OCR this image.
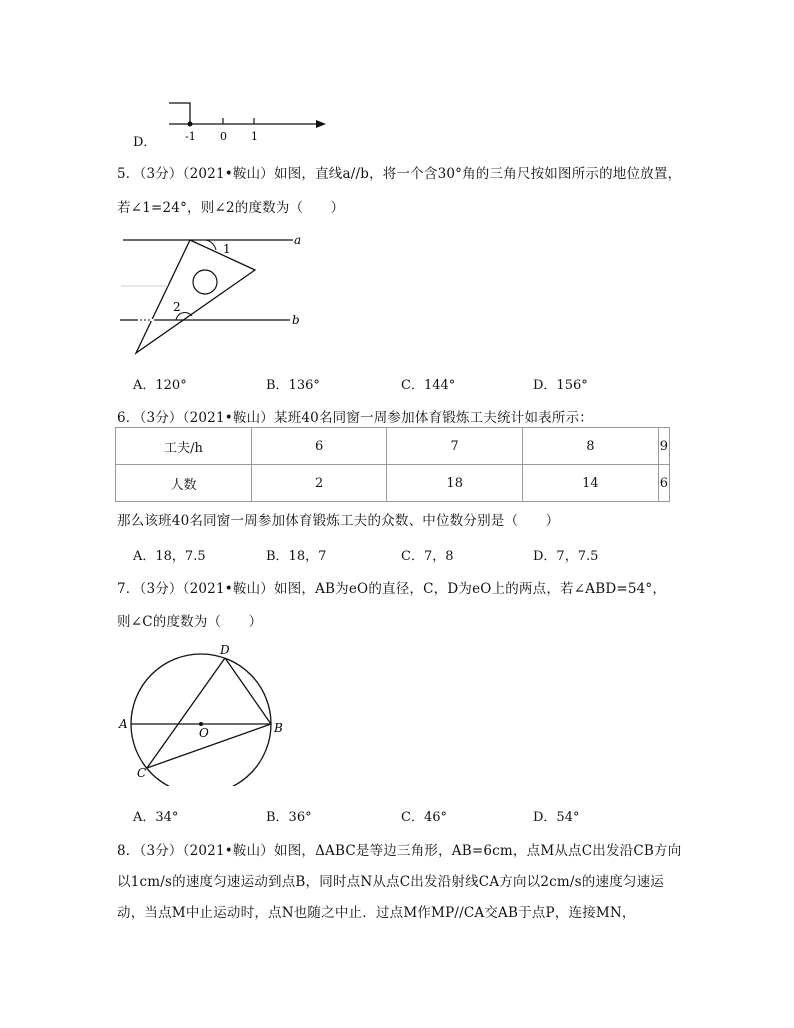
D．	-1 0 1
5．（3分）（2021•鞍山）如图，直线a//b，将一个含30°角的三角尺按如图所示的地位放置，
若∠1=24°，则∠2的度数为（　　）
1
2
a
b
A．120°	B．136°	C．144°	D．156°
6．（3分）（2021•鞍山）某班40名同窗一周参加体育锻炼工夫统计如表所示：
工夫/h	6	7	8	9
人数	2	18	14	6
那么该班40名同窗一周参加体育锻炼工夫的众数、中位数分别是（　　）
A．18，7.5	B．18，7	C．7，8	D．7，7.5
7．（3分）（2021•鞍山）如图，AB为eO的直径，C，D为eO上的两点，若∠ABD=54°，
则∠C的度数为（　　）
A	B
C
D
O
A．34°	B．36°	C．46°	D．54°
8．（3分）（2021•鞍山）如图，ΔABC是等边三角形，AB=6cm，点M从点C出发沿CB方向
以1cm/s的速度匀速运动到点B，同时点N从点C出发沿射线CA方向以2cm/s的速度匀速运
动，当点M中止运动时，点N也随之中止．过点M作MP//CA交AB于点P，连接MN，
